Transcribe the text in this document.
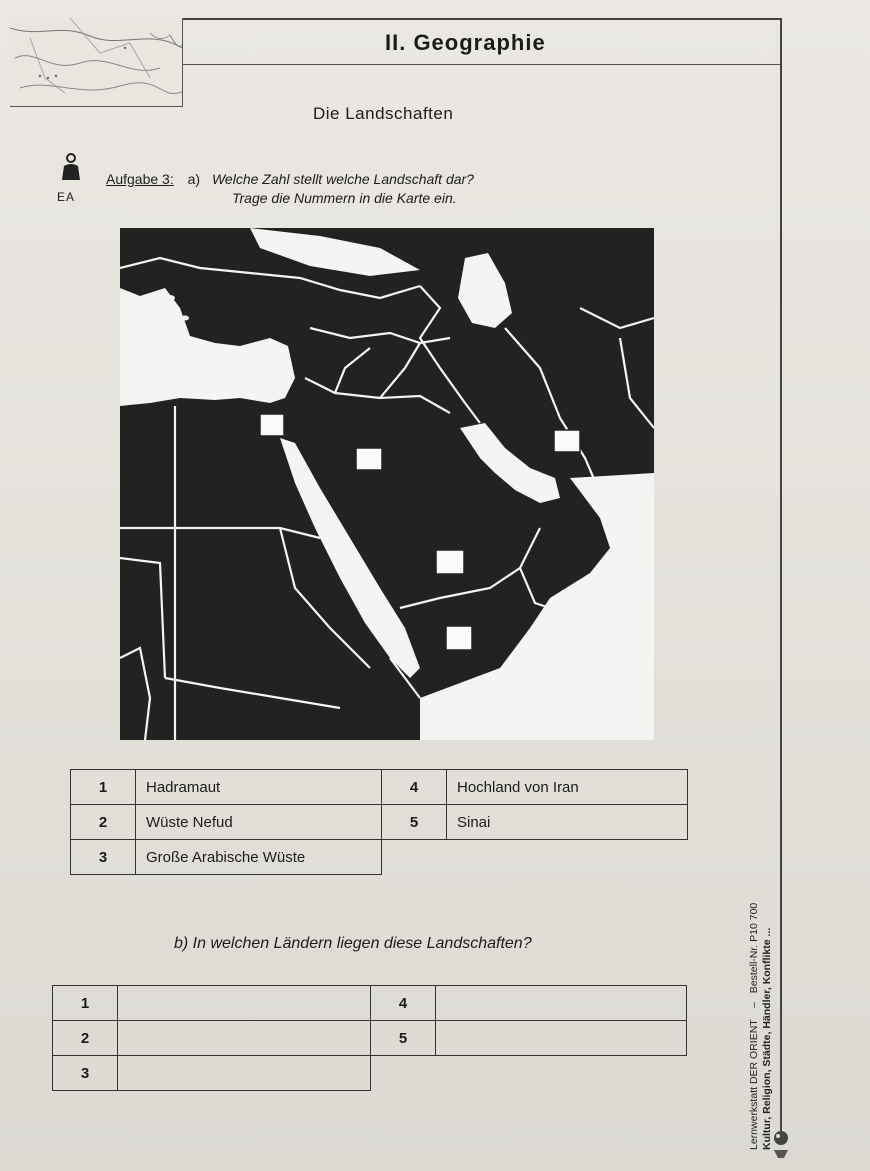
II. Geographie
Die Landschaften
EA
Aufgabe 3: a) Welche Zahl stellt welche Landschaft dar?
Trage die Nummern in die Karte ein.
1	Hadramaut	4	Hochland von Iran
2	Wüste Nefud	5	Sinai
3	Große Arabische Wüste		
b) In welchen Ländern liegen diese Landschaften?
1		4	
2		5	
3				Lernwerkstatt DER ORIENT    –   Bestell-Nr. P10 700 Kultur, Religion, Städte, Händler, Konflikte ...
